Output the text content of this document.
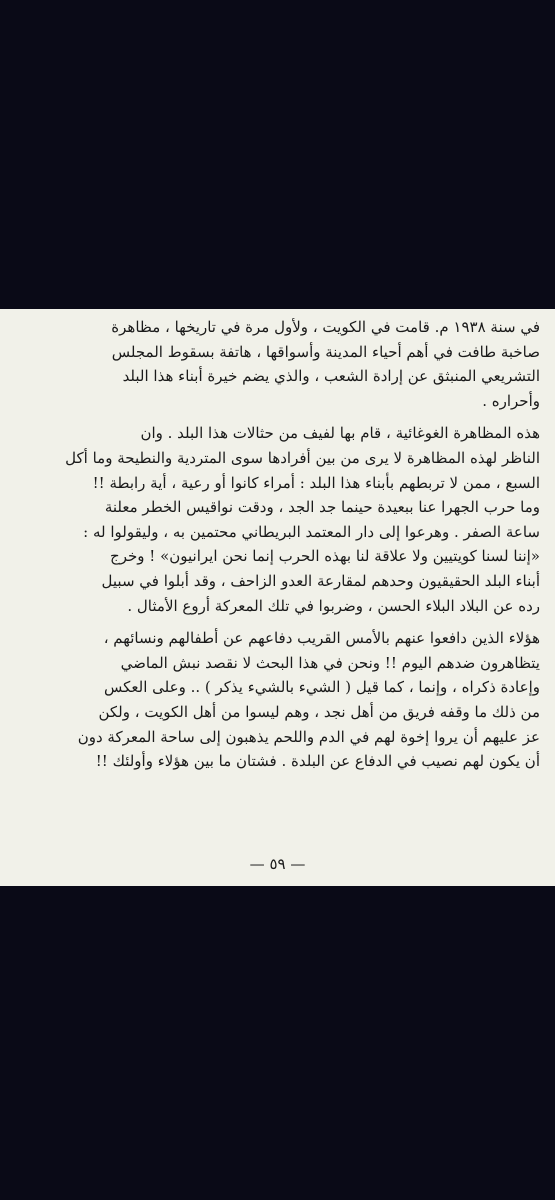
في سنة ١٩٣٨ م. قامت في الكويت ، ولأول مرة في تاريخها ، مظاهرة
صاخبة طافت في أهم أحياء المدينة وأسواقها ، هاتفة بسقوط المجلس
التشريعي المنبثق عن إرادة الشعب ، والذي يضم خيرة أبناء هذا البلد
وأحراره .

هذه المظاهرة الغوغائية ، قام بها لفيف من حثالات هذا البلد . وان
الناظر لهذه المظاهرة لا يرى من بين أفرادها سوى المتردية والنطيحة وما أكل
السبع ، ممن لا تربطهم بأبناء هذا البلد : أمراء كانوا أو رعية ، أية رابطة !!
وما حرب الجهرا عنا ببعيدة حينما جد الجد ، ودقت نواقيس الخطر معلنة
ساعة الصفر . وهرعوا إلى دار المعتمد البريطاني محتمين به ، وليقولوا له :
«إننا لسنا كويتيين ولا علاقة لنا بهذه الحرب إنما نحن ايرانيون» ! وخرج
أبناء البلد الحقيقيون وحدهم لمقارعة العدو الزاحف ، وقد أبلوا في سبيل
رده عن البلاد البلاء الحسن ، وضربوا في تلك المعركة أروع الأمثال .

هؤلاء الذين دافعوا عنهم بالأمس القريب دفاعهم عن أطفالهم ونسائهم ،
يتظاهرون ضدهم اليوم !! ونحن في هذا البحث لا نقصد نبش الماضي
وإعادة ذكراه ، وإنما ، كما قيل ( الشيء بالشيء يذكر ) .. وعلى العكس
من ذلك ما وقفه فريق من أهل نجد ، وهم ليسوا من أهل الكويت ، ولكن
عز عليهم أن يروا إخوة لهم في الدم واللحم يذهبون إلى ساحة المعركة دون
أن يكون لهم نصيب في الدفاع عن البلدة . فشتان ما بين هؤلاء وأولئك !!

— ٥٩ —
